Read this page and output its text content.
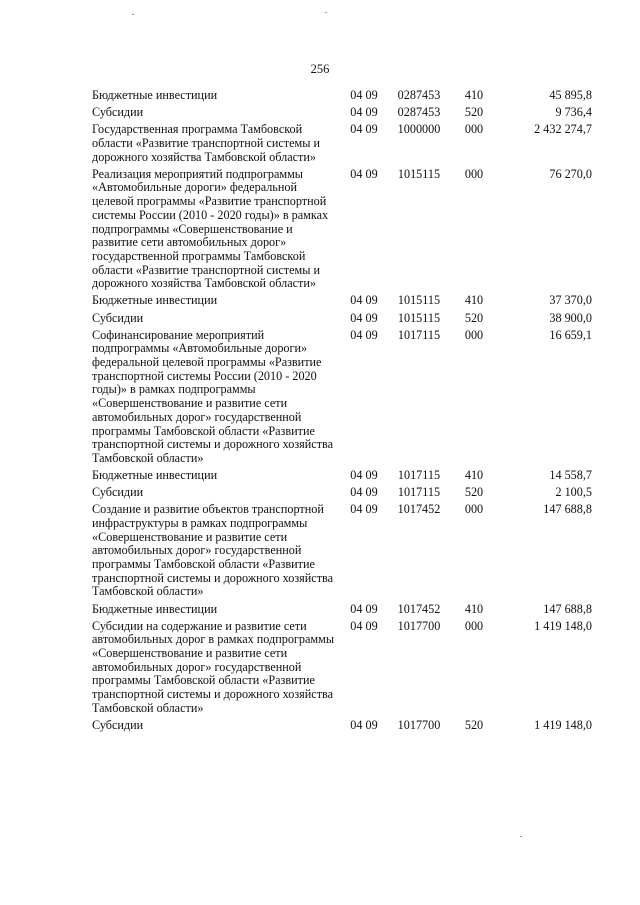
256
Бюджетные инвестиции	04 09	0287453	410	45 895,8
Субсидии	04 09	0287453	520	9 736,4
Государственная программа Тамбовской области «Развитие транспортной системы и дорожного хозяйства Тамбовской области»	04 09	1000000	000	2 432 274,7
Реализация мероприятий подпрограммы «Автомобильные дороги» федеральной целевой программы «Развитие транспортной системы России (2010 - 2020 годы)» в рамках подпрограммы «Совершенствование и развитие сети автомобильных дорог» государственной программы Тамбовской области «Развитие транспортной системы и дорожного хозяйства Тамбовской области»	04 09	1015115	000	76 270,0
Бюджетные инвестиции	04 09	1015115	410	37 370,0
Субсидии	04 09	1015115	520	38 900,0
Софинансирование мероприятий подпрограммы «Автомобильные дороги» федеральной целевой программы «Развитие транспортной системы России (2010 - 2020 годы)» в рамках подпрограммы «Совершенствование и развитие сети автомобильных дорог» государственной программы Тамбовской области «Развитие транспортной системы и дорожного хозяйства Тамбовской области»	04 09	1017115	000	16 659,1
Бюджетные инвестиции	04 09	1017115	410	14 558,7
Субсидии	04 09	1017115	520	2 100,5
Создание и развитие объектов транспортной инфраструктуры в рамках подпрограммы «Совершенствование и развитие сети автомобильных дорог» государственной программы Тамбовской области «Развитие транспортной системы и дорожного хозяйства Тамбовской области»	04 09	1017452	000	147 688,8
Бюджетные инвестиции	04 09	1017452	410	147 688,8
Субсидии на содержание и развитие сети автомобильных дорог в рамках подпрограммы «Совершенствование и развитие сети автомобильных дорог» государственной программы Тамбовской области «Развитие транспортной системы и дорожного хозяйства Тамбовской области»	04 09	1017700	000	1 419 148,0
Субсидии	04 09	1017700	520	1 419 148,0
